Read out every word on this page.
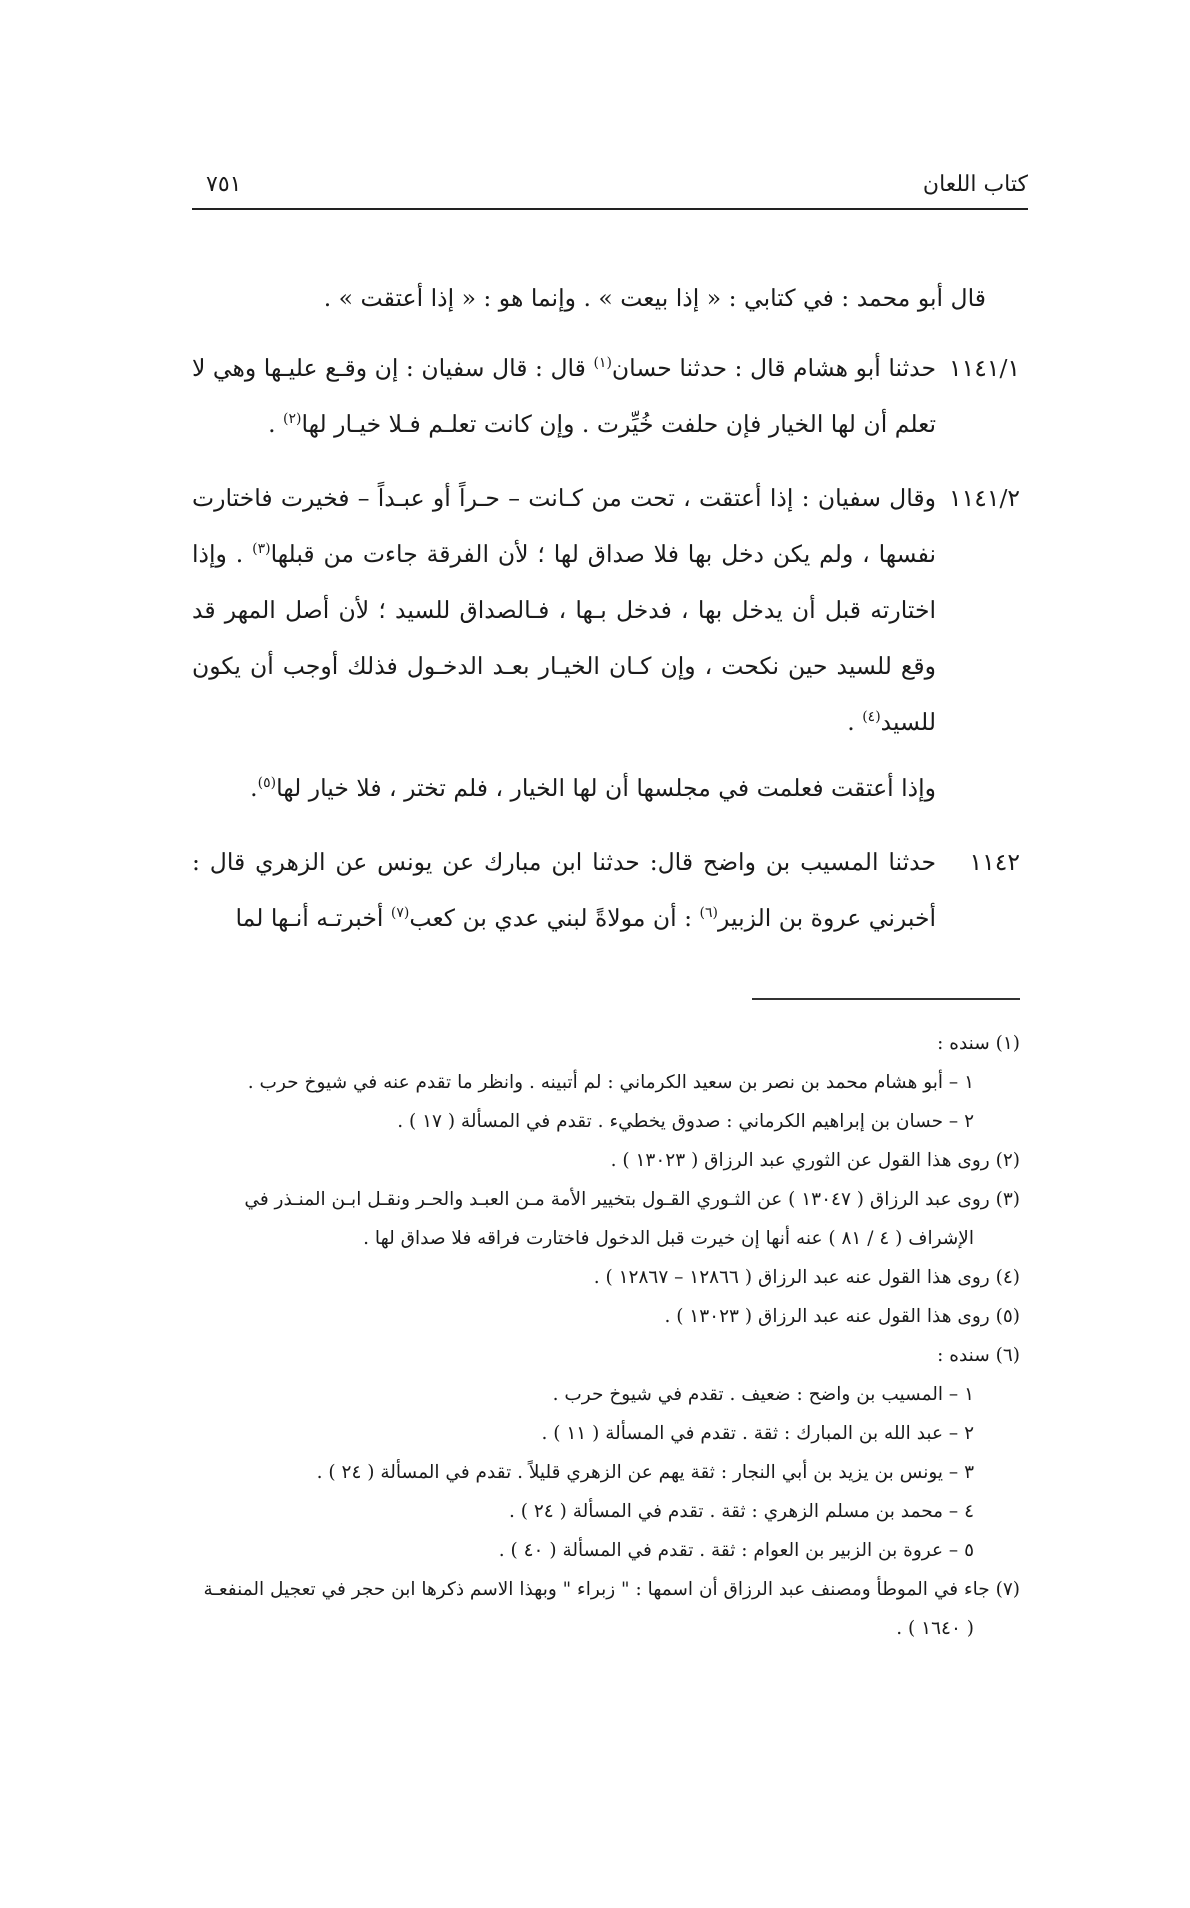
كتاب اللعان
٧٥١
قال أبو محمد : في كتابي : « إذا بيعت » . وإنما هو : « إذا أعتقت » .
١١٤١/١
حدثنا أبو هشام قال : حدثنا حسان$^{(١)}$ قال : قال سفيان : إن وقـع عليـها وهي لا تعلم أن لها الخيار فإن حلفت خُيِّرت . وإن كانت تعلـم فـلا خيـار لها$^{(٢)}$ .
١١٤١/٢
وقال سفيان : إذا أعتقت ، تحت من كـانت – حـراً أو عبـداً – فخيرت فاختارت نفسها ، ولم يكن دخل بها فلا صداق لها ؛ لأن الفرقة جاءت من قبلها$^{(٣)}$ . وإذا اختارته قبل أن يدخل بها ، فدخل بـها ، فـالصداق للسيد ؛ لأن أصل المهر قد وقع للسيد حين نكحت ، وإن كـان الخيـار بعـد الدخـول فذلك أوجب أن يكون للسيد$^{(٤)}$ .
وإذا أعتقت فعلمت في مجلسها أن لها الخيار ، فلم تختر ، فلا خيار لها$^{(٥)}$.
١١٤٢
حدثنا المسيب بن واضح قال: حدثنا ابن مبارك عن يونس عن الزهري قال : أخبرني عروة بن الزبير$^{(٦)}$ : أن مولاةً لبني عدي بن كعب$^{(٧)}$ أخبرتـه أنـها لما
(١) سنده :
١ – أبو هشام محمد بن نصر بن سعيد الكرماني : لم أتبينه . وانظر ما تقدم عنه في شيوخ حرب .
٢ – حسان بن إبراهيم الكرماني : صدوق يخطيء . تقدم في المسألة ( ١٧ ) .
(٢) روى هذا القول عن الثوري عبد الرزاق ( ١٣٠٢٣ ) .
(٣) روى عبد الرزاق ( ١٣٠٤٧ ) عن الثـوري القـول بتخيير الأمة مـن العبـد والحـر ونقـل ابـن المنـذر في
الإشراف ( ٤ / ٨١ ) عنه أنها إن خيرت قبل الدخول فاختارت فراقه فلا صداق لها .
(٤) روى هذا القول عنه عبد الرزاق ( ١٢٨٦٦ – ١٢٨٦٧ ) .
(٥) روى هذا القول عنه عبد الرزاق ( ١٣٠٢٣ ) .
(٦) سنده :
١ – المسيب بن واضح : ضعيف . تقدم في شيوخ حرب .
٢ – عبد الله بن المبارك : ثقة . تقدم في المسألة ( ١١ ) .
٣ – يونس بن يزيد بن أبي النجار : ثقة يهم عن الزهري قليلاً . تقدم في المسألة ( ٢٤ ) .
٤ – محمد بن مسلم الزهري : ثقة . تقدم في المسألة ( ٢٤ ) .
٥ – عروة بن الزبير بن العوام : ثقة . تقدم في المسألة ( ٤٠ ) .
(٧) جاء في الموطأ ومصنف عبد الرزاق أن اسمها : " زبراء " وبهذا الاسم ذكرها ابن حجر في تعجيل المنفعـة
( ١٦٤٠ ) .
